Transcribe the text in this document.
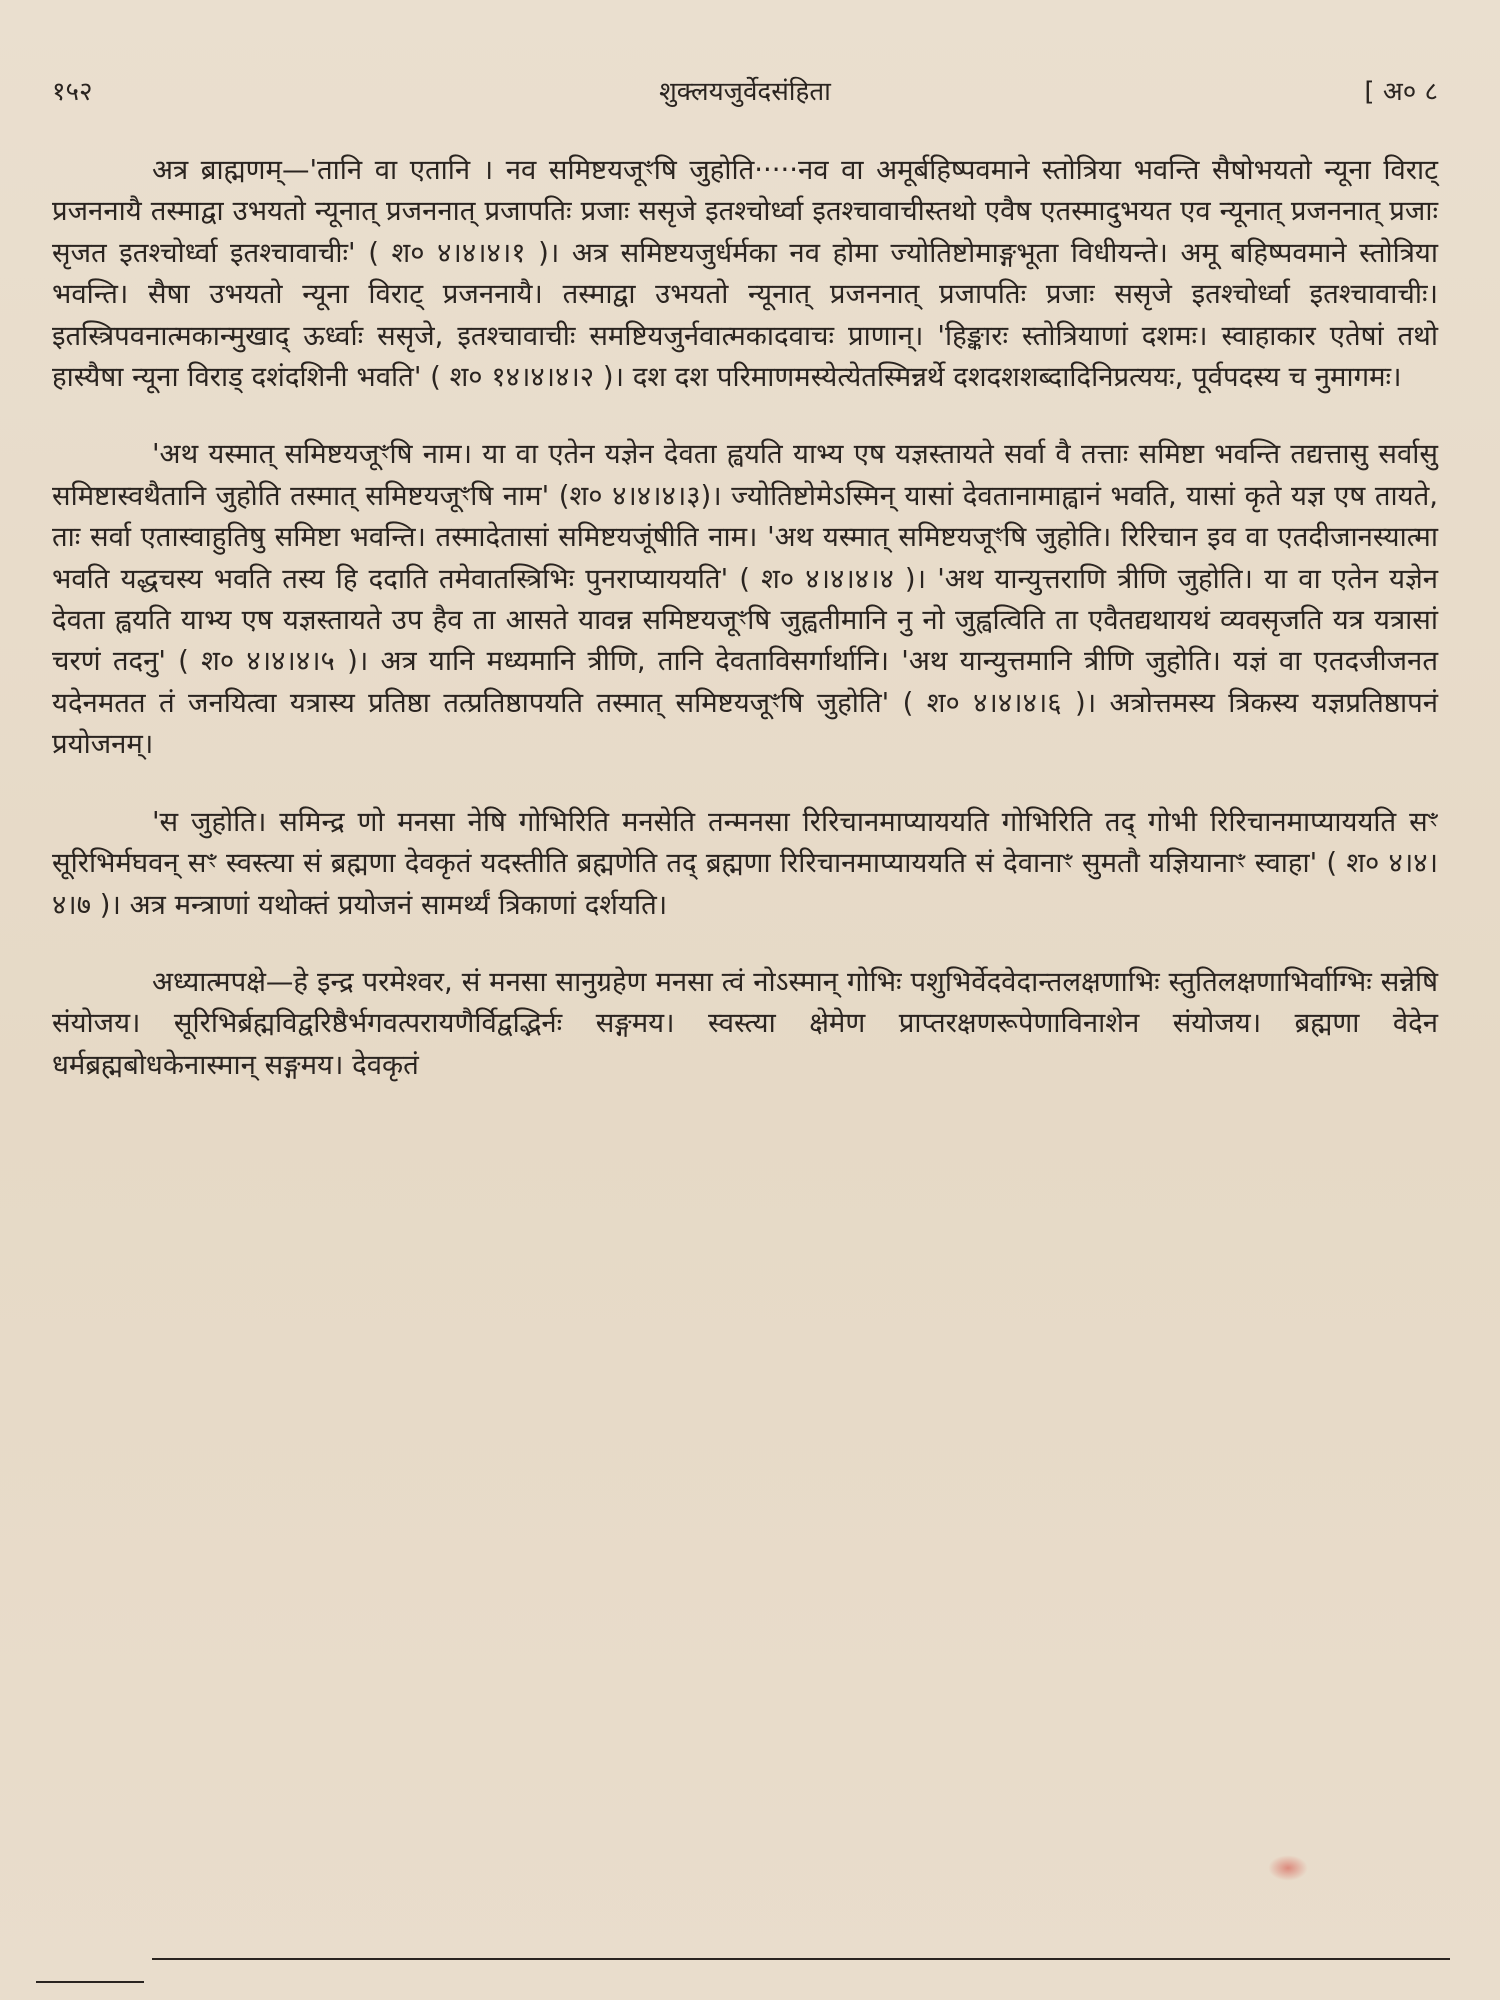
१५२	शुक्लयजुर्वेदसंहिता	[ अ० ८

अत्र ब्राह्मणम्—'तानि वा एतानि । नव समिष्टयजूꣳषि जुहोति·····नव वा अमूर्बहिष्पवमाने स्तोत्रिया भवन्ति सैषोभयतो न्यूना विराट् प्रजननायै तस्माद्वा उभयतो न्यूनात् प्रजननात् प्रजापतिः प्रजाः ससृजे इतश्चोर्ध्वा इतश्चावाचीस्तथो एवैष एतस्मादुभयत एव न्यूनात् प्रजननात् प्रजाः सृजत इतश्चोर्ध्वा इतश्चावाचीः' ( श० ४।४।४।१ )। अत्र समिष्टयजुर्धर्मका नव होमा ज्योतिष्टोमाङ्गभूता विधीयन्ते। अमू बहिष्पवमाने स्तोत्रिया भवन्ति। सैषा उभयतो न्यूना विराट् प्रजननायै। तस्माद्वा उभयतो न्यूनात् प्रजननात् प्रजापतिः प्रजाः ससृजे इतश्चोर्ध्वा इतश्चावाचीः। इतस्त्रिपवनात्मकान्मुखाद् ऊर्ध्वाः ससृजे, इतश्चावाचीः समष्टियजुर्नवात्मकादवाचः प्राणान्। 'हिङ्कारः स्तोत्रियाणां दशमः। स्वाहाकार एतेषां तथो हास्यैषा न्यूना विराड् दशंदशिनी भवति' ( श० १४।४।४।२ )। दश दश परिमाणमस्येत्येतस्मिन्नर्थे दशदशशब्दादिनिप्रत्ययः, पूर्वपदस्य च नुमागमः।

'अथ यस्मात् समिष्टयजूꣳषि नाम। या वा एतेन यज्ञेन देवता ह्वयति याभ्य एष यज्ञस्तायते सर्वा वै तत्ताः समिष्टा भवन्ति तद्यत्तासु सर्वासु समिष्टास्वथैतानि जुहोति तस्मात् समिष्टयजूꣳषि नाम' (श० ४।४।४।३)। ज्योतिष्टोमेऽस्मिन् यासां देवतानामाह्वानं भवति, यासां कृते यज्ञ एष तायते, ताः सर्वा एतास्वाहुतिषु समिष्टा भवन्ति। तस्मादेतासां समिष्टयजूंषीति नाम। 'अथ यस्मात् समिष्टयजूꣳषि जुहोति। रिरिचान इव वा एतदीजानस्यात्मा भवति यद्धचस्य भवति तस्य हि ददाति तमेवातस्त्रिभिः पुनराप्याययति' ( श० ४।४।४।४ )। 'अथ यान्युत्तराणि त्रीणि जुहोति। या वा एतेन यज्ञेन देवता ह्वयति याभ्य एष यज्ञस्तायते उप हैव ता आसते यावन्न समिष्टयजूꣳषि जुह्वतीमानि नु नो जुह्वत्विति ता एवैतद्यथायथं व्यवसृजति यत्र यत्रासां चरणं तदनु' ( श० ४।४।४।५ )। अत्र यानि मध्यमानि त्रीणि, तानि देवताविसर्गार्थानि। 'अथ यान्युत्तमानि त्रीणि जुहोति। यज्ञं वा एतदजीजनत यदेनमतत तं जनयित्वा यत्रास्य प्रतिष्ठा तत्प्रतिष्ठापयति तस्मात् समिष्टयजूꣳषि जुहोति' ( श० ४।४।४।६ )। अत्रोत्तमस्य त्रिकस्य यज्ञप्रतिष्ठापनं प्रयोजनम्।

'स जुहोति। समिन्द्र णो मनसा नेषि गोभिरिति मनसेति तन्मनसा रिरिचानमाप्याययति गोभिरिति तद् गोभी रिरिचानमाप्याययति सꣳ सूरिभिर्मघवन् सꣳ स्वस्त्या सं ब्रह्मणा देवकृतं यदस्तीति ब्रह्मणेति तद् ब्रह्मणा रिरिचानमाप्याययति सं देवानाꣳ सुमतौ यज्ञियानाꣳ स्वाहा' ( श० ४।४।४।७ )। अत्र मन्त्राणां यथोक्तं प्रयोजनं सामर्थ्यं त्रिकाणां दर्शयति।

अध्यात्मपक्षे—हे इन्द्र परमेश्वर, सं मनसा सानुग्रहेण मनसा त्वं नोऽस्मान् गोभिः पशुभिर्वेदवेदान्तलक्षणाभिः स्तुतिलक्षणाभिर्वाग्भिः सन्नेषि संयोजय। सूरिभिर्ब्रह्मविद्वरिष्ठैर्भगवत्परायणैर्विद्वद्भिर्नः सङ्गमय। स्वस्त्या क्षेमेण प्राप्तरक्षणरूपेणाविनाशेन संयोजय। ब्रह्मणा वेदेन धर्मब्रह्मबोधकेनास्मान् सङ्गमय। देवकृतं
